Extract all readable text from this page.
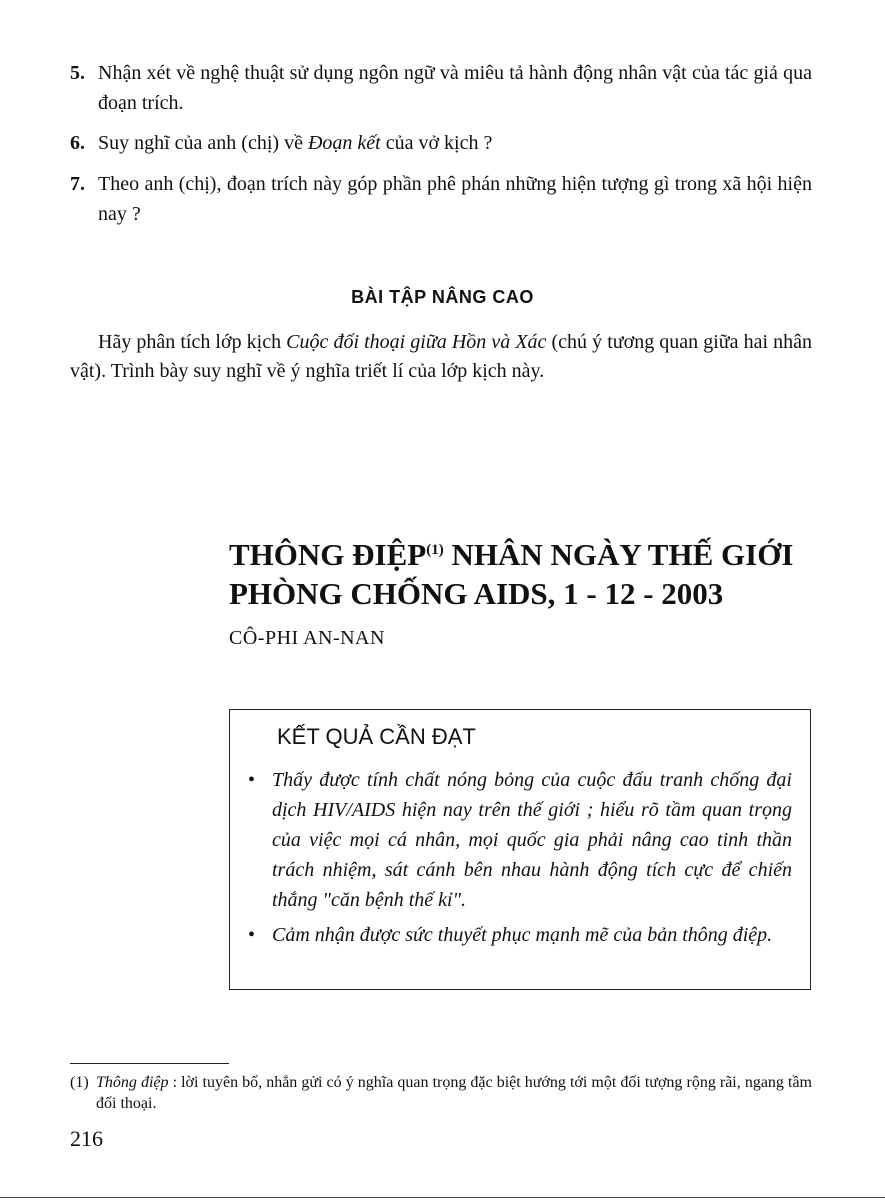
5. Nhận xét về nghệ thuật sử dụng ngôn ngữ và miêu tả hành động nhân vật của tác giả qua đoạn trích.
6. Suy nghĩ của anh (chị) về Đoạn kết của vở kịch ?
7. Theo anh (chị), đoạn trích này góp phần phê phán những hiện tượng gì trong xã hội hiện nay ?
BÀI TẬP NÂNG CAO
Hãy phân tích lớp kịch Cuộc đối thoại giữa Hồn và Xác (chú ý tương quan giữa hai nhân vật). Trình bày suy nghĩ về ý nghĩa triết lí của lớp kịch này.
THÔNG ĐIỆP$^{(1)}$ NHÂN NGÀY THẾ GIỚI PHÒNG CHỐNG AIDS, 1 - 12 - 2003
CÔ-PHI AN-NAN
KẾT QUẢ CẦN ĐẠT
• Thấy được tính chất nóng bỏng của cuộc đấu tranh chống đại dịch HIV/AIDS hiện nay trên thế giới ; hiểu rõ tầm quan trọng của việc mọi cá nhân, mọi quốc gia phải nâng cao tinh thần trách nhiệm, sát cánh bên nhau hành động tích cực để chiến thắng "căn bệnh thế kỉ".
• Cảm nhận được sức thuyết phục mạnh mẽ của bản thông điệp.
(1) Thông điệp : lời tuyên bố, nhắn gửi có ý nghĩa quan trọng đặc biệt hướng tới một đối tượng rộng rãi, ngang tầm đối thoại.
216
